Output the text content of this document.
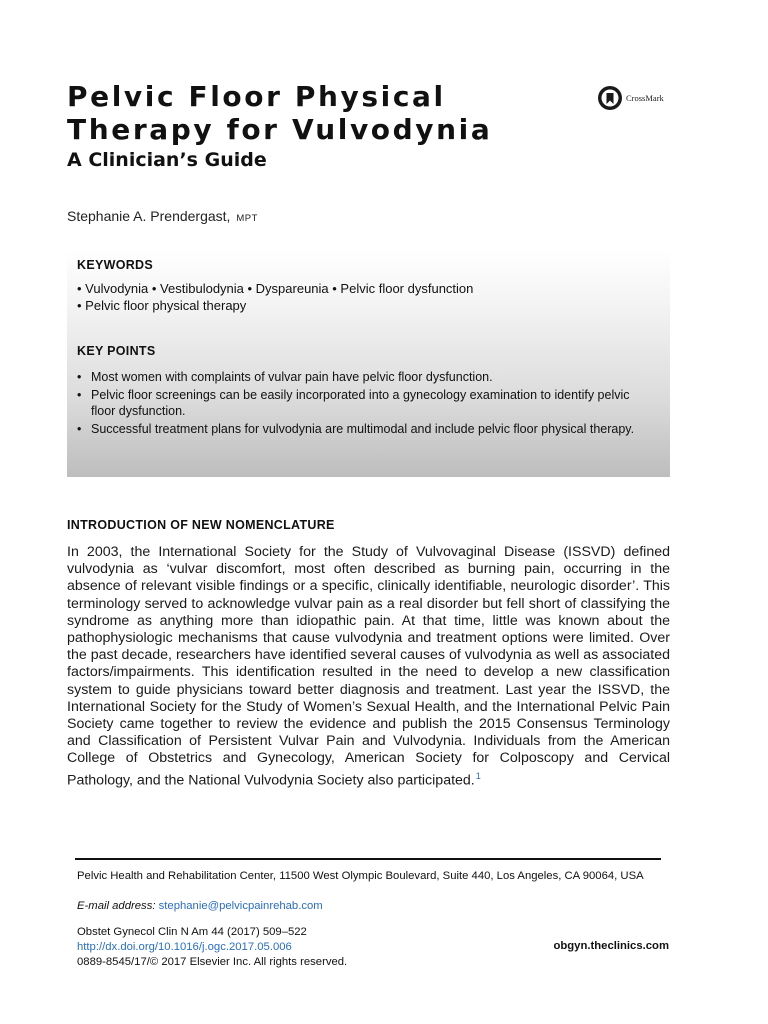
Pelvic Floor Physical
Therapy for Vulvodynia
CrossMark
A Clinician’s Guide
Stephanie A. Prendergast, MPT
KEYWORDS
• Vulvodynia • Vestibulodynia • Dyspareunia • Pelvic floor dysfunction
• Pelvic floor physical therapy
KEY POINTS
• Most women with complaints of vulvar pain have pelvic floor dysfunction.
• Pelvic floor screenings can be easily incorporated into a gynecology examination to identify pelvic floor dysfunction.
• Successful treatment plans for vulvodynia are multimodal and include pelvic floor physical therapy.
INTRODUCTION OF NEW NOMENCLATURE

In 2003, the International Society for the Study of Vulvovaginal Disease (ISSVD) defined vulvodynia as ‘vulvar discomfort, most often described as burning pain, occurring in the absence of relevant visible findings or a specific, clinically identifiable, neurologic disorder’. This terminology served to acknowledge vulvar pain as a real disorder but fell short of classifying the syndrome as anything more than idiopathic pain. At that time, little was known about the pathophysiologic mechanisms that cause vulvodynia and treatment options were limited. Over the past decade, researchers have identified several causes of vulvodynia as well as associated factors/impairments. This identification resulted in the need to develop a new classification system to guide physicians toward better diagnosis and treatment. Last year the ISSVD, the International Society for the Study of Women’s Sexual Health, and the International Pelvic Pain Society came together to review the evidence and publish the 2015 Consensus Terminology and Classification of Persistent Vulvar Pain and Vulvodynia. Individuals from the American College of Obstetrics and Gynecology, American Society for Colposcopy and Cervical Pathology, and the National Vulvodynia Society also participated.$^1$

Pelvic Health and Rehabilitation Center, 11500 West Olympic Boulevard, Suite 440, Los Angeles, CA 90064, USA
E-mail address: stephanie@pelvicpainrehab.com
Obstet Gynecol Clin N Am 44 (2017) 509–522
http://dx.doi.org/10.1016/j.ogc.2017.05.006
0889-8545/17/© 2017 Elsevier Inc. All rights reserved.
obgyn.theclinics.com
